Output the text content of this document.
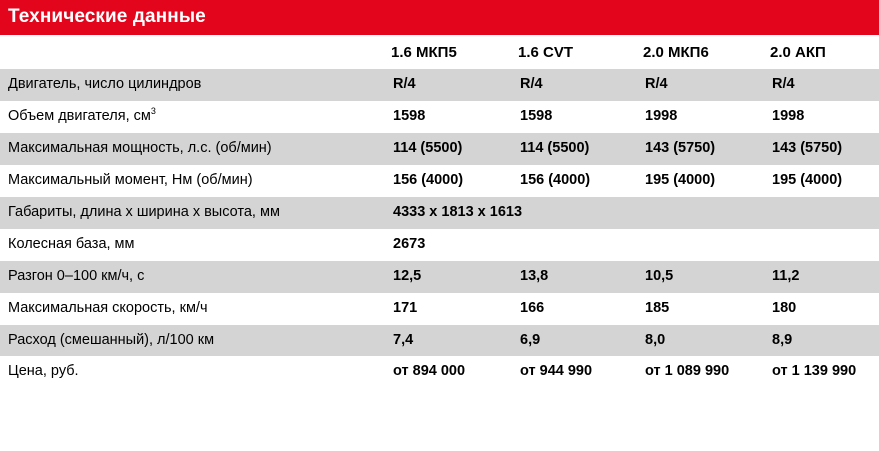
Технические данные				
	1.6 МКП5	1.6 CVT	2.0 МКП6	2.0 АКП
Двигатель, число цилиндров	R/4	R/4	R/4	R/4
Объем двигателя, $см^3$	1598	1598	1998	1998
Максимальная мощность, л.с. (об/мин)	114 (5500)	114 (5500)	143 (5750)	143 (5750)
Максимальный момент, Нм (об/мин)	156 (4000)	156 (4000)	195 (4000)	195 (4000)
Габариты, длина х ширина х высота, мм	4333 х 1813 х 1613			
Колесная база, мм	2673			
Разгон 0–100 км/ч, с	12,5	13,8	10,5	11,2
Максимальная скорость, км/ч	171	166	185	180
Расход (смешанный), л/100 км	7,4	6,9	8,0	8,9
Цена, руб.	от 894 000	от 944 990	от 1 089 990	от 1 139 990
